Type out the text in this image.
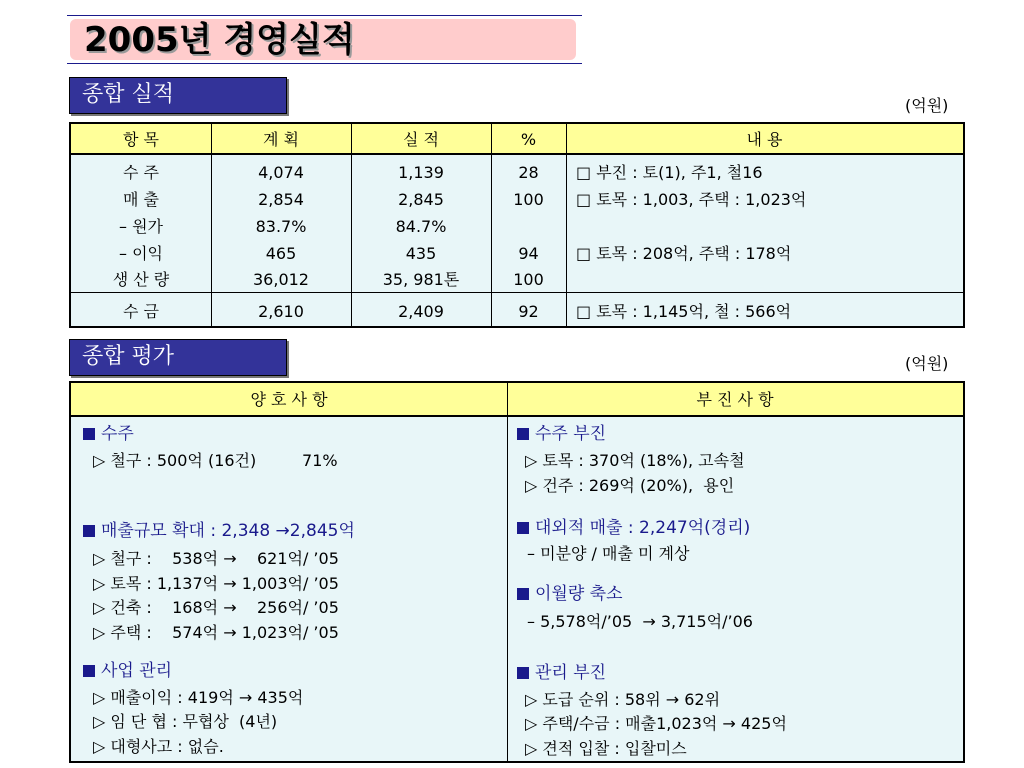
2005년 경영실적
종합 실적	(억원)
항 목	계 획	실 적	%	내 용
수 주	4,074	1,139	28	□ 부진 : 토(1), 주1, 철16
매 출	2,854	2,845	100	□ 토목 : 1,003, 주택 : 1,023억
– 원가	83.7%	84.7%
– 이익	465	435	94	□ 토목 : 208억, 주택 : 178억
생 산 량	36,012	35, 981톤	100
수 금	2,610	2,409	92	□ 토목 : 1,145억, 철 : 566억
종합 평가	(억원)
양 호 사 항	부 진 사 항
수주
▷ 철구 : 500억 (16건)         71%
매출규모 확대 : 2,348 →2,845억
▷ 철구 :    538억 →    621억/ ’05
▷ 토목 : 1,137억 → 1,003억/ ’05
▷ 건축 :    168억 →    256억/ ’05
▷ 주택 :    574억 → 1,023억/ ’05
사업 관리
▷ 매출이익 : 419억 → 435억
▷ 임 단 협 : 무협상  (4년)
▷ 대형사고 : 없슴.
수주 부진
▷ 토목 : 370억 (18%), 고속철
▷ 건주 : 269억 (20%),  용인
대외적 매출 : 2,247억(경리)
– 미분양 / 매출 미 계상
이월량 축소
– 5,578억/’05  → 3,715억/’06
관리 부진
▷ 도급 순위 : 58위 → 62위
▷ 주택/수금 : 매출1,023억 → 425억
▷ 견적 입찰 : 입찰미스
